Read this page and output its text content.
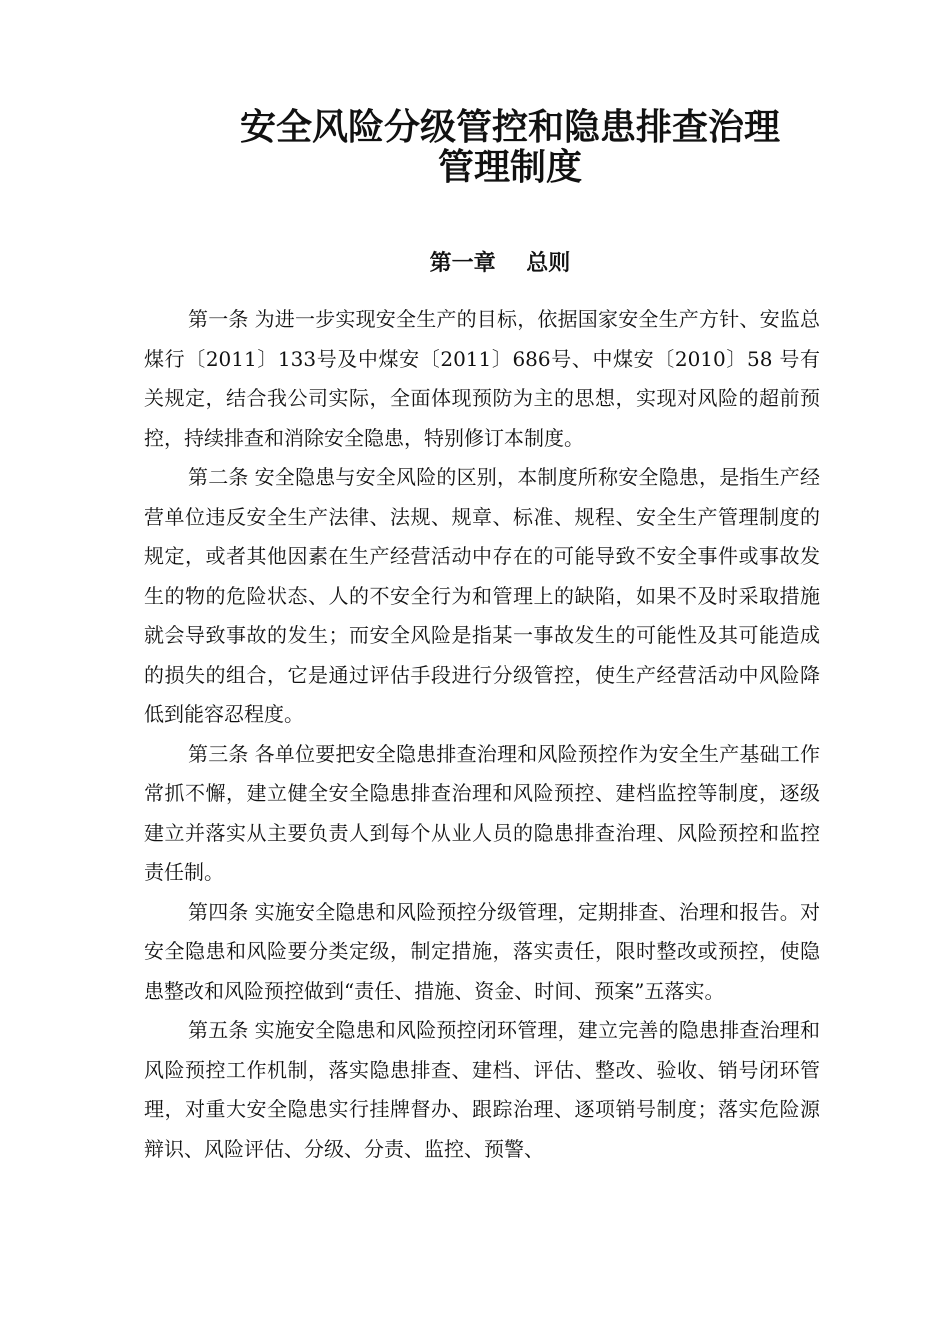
安全风险分级管控和隐患排查治理
管理制度
第一章    总则

第一条 为进一步实现安全生产的目标，依据国家安全生产方针、安监总煤行〔2011〕133号及中煤安〔2011〕686号、中煤安〔2010〕58 号有关规定，结合我公司实际，全面体现预防为主的思想，实现对风险的超前预控，持续排查和消除安全隐患，特别修订本制度。

第二条 安全隐患与安全风险的区别，本制度所称安全隐患，是指生产经营单位违反安全生产法律、法规、规章、标准、规程、安全生产管理制度的规定，或者其他因素在生产经营活动中存在的可能导致不安全事件或事故发生的物的危险状态、人的不安全行为和管理上的缺陷，如果不及时采取措施就会导致事故的发生；而安全风险是指某一事故发生的可能性及其可能造成的损失的组合，它是通过评估手段进行分级管控，使生产经营活动中风险降低到能容忍程度。

第三条 各单位要把安全隐患排查治理和风险预控作为安全生产基础工作常抓不懈，建立健全安全隐患排查治理和风险预控、建档监控等制度，逐级建立并落实从主要负责人到每个从业人员的隐患排查治理、风险预控和监控责任制。

第四条 实施安全隐患和风险预控分级管理，定期排查、治理和报告。对安全隐患和风险要分类定级，制定措施，落实责任，限时整改或预控，使隐患整改和风险预控做到“责任、措施、资金、时间、预案”五落实。

第五条 实施安全隐患和风险预控闭环管理，建立完善的隐患排查治理和风险预控工作机制，落实隐患排查、建档、评估、整改、验收、销号闭环管理，对重大安全隐患实行挂牌督办、跟踪治理、逐项销号制度；落实危险源辩识、风险评估、分级、分责、监控、预警、
